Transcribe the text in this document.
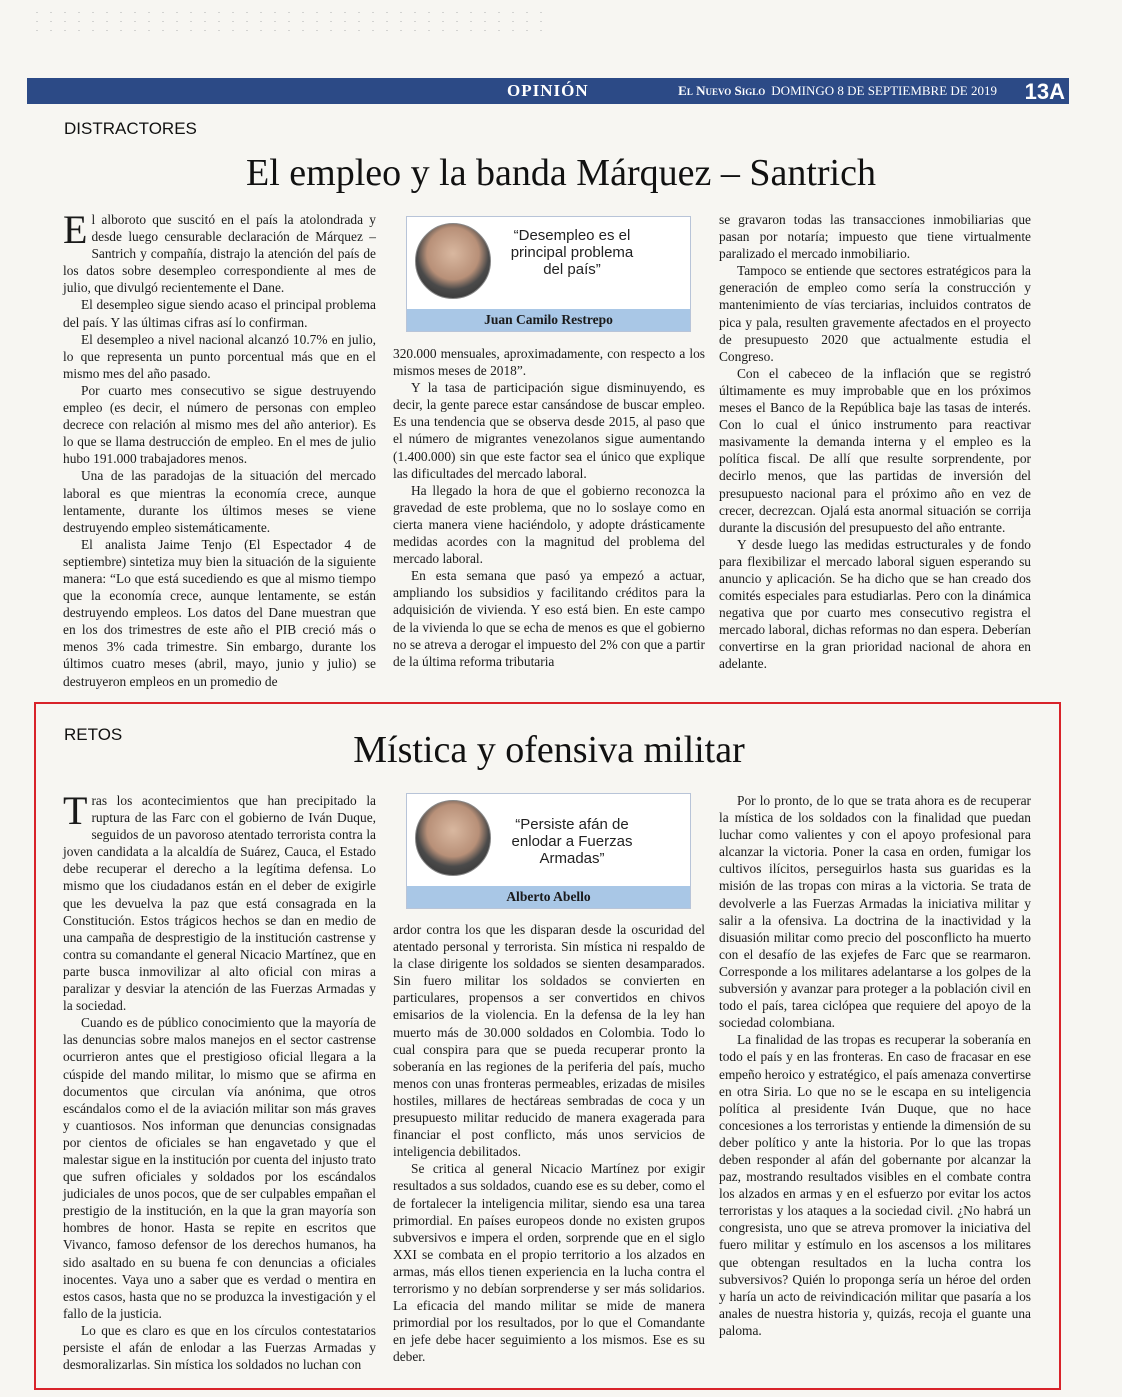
OPINIÓN	El Nuevo Siglo DOMINGO 8 DE SEPTIEMBRE DE 2019 13A
DISTRACTORES
El empleo y la banda Márquez – Santrich

El alboroto que suscitó en el país la atolondrada y desde luego censurable declaración de Márquez – Santrich y compañía, distrajo la atención del país de los datos sobre desempleo correspondiente al mes de julio, que divulgó recientemente el Dane.

El desempleo sigue siendo acaso el principal problema del país. Y las últimas cifras así lo confirman.

El desempleo a nivel nacional alcanzó 10.7% en julio, lo que representa un punto porcentual más que en el mismo mes del año pasado.

Por cuarto mes consecutivo se sigue destruyendo empleo (es decir, el número de personas con empleo decrece con relación al mismo mes del año anterior). Es lo que se llama destrucción de empleo. En el mes de julio hubo 191.000 trabajadores menos.

Una de las paradojas de la situación del mercado laboral es que mientras la economía crece, aunque lentamente, durante los últimos meses se viene destruyendo empleo sistemáticamente.

El analista Jaime Tenjo (El Espectador 4 de septiembre) sintetiza muy bien la situación de la siguiente manera: “Lo que está sucediendo es que al mismo tiempo que la economía crece, aunque lentamente, se están destruyendo empleos. Los datos del Dane muestran que en los dos trimestres de este año el PIB creció más o menos 3% cada trimestre. Sin embargo, durante los últimos cuatro meses (abril, mayo, junio y julio) se destruyeron empleos en un promedio de

“Desempleo es el principal problema del país”
Juan Camilo Restrepo

320.000 mensuales, aproximadamente, con respecto a los mismos meses de 2018”.

Y la tasa de participación sigue disminuyendo, es decir, la gente parece estar cansándose de buscar empleo. Es una tendencia que se observa desde 2015, al paso que el número de migrantes venezolanos sigue aumentando (1.400.000) sin que este factor sea el único que explique las dificultades del mercado laboral.

Ha llegado la hora de que el gobierno reconozca la gravedad de este problema, que no lo soslaye como en cierta manera viene haciéndolo, y adopte drásticamente medidas acordes con la magnitud del problema del mercado laboral.

En esta semana que pasó ya empezó a actuar, ampliando los subsidios y facilitando créditos para la adquisición de vivienda. Y eso está bien. En este campo de la vivienda lo que se echa de menos es que el gobierno no se atreva a derogar el impuesto del 2% con que a partir de la última reforma tributaria

se gravaron todas las transacciones inmobiliarias que pasan por notaría; impuesto que tiene virtualmente paralizado el mercado inmobiliario.

Tampoco se entiende que sectores estratégicos para la generación de empleo como sería la construcción y mantenimiento de vías terciarias, incluidos contratos de pica y pala, resulten gravemente afectados en el proyecto de presupuesto 2020 que actualmente estudia el Congreso.

Con el cabeceo de la inflación que se registró últimamente es muy improbable que en los próximos meses el Banco de la República baje las tasas de interés. Con lo cual el único instrumento para reactivar masivamente la demanda interna y el empleo es la política fiscal. De allí que resulte sorprendente, por decirlo menos, que las partidas de inversión del presupuesto nacional para el próximo año en vez de crecer, decrezcan. Ojalá esta anormal situación se corrija durante la discusión del presupuesto del año entrante.

Y desde luego las medidas estructurales y de fondo para flexibilizar el mercado laboral siguen esperando su anuncio y aplicación. Se ha dicho que se han creado dos comités especiales para estudiarlas. Pero con la dinámica negativa que por cuarto mes consecutivo registra el mercado laboral, dichas reformas no dan espera. Deberían convertirse en la gran prioridad nacional de ahora en adelante.

RETOS	Mística y ofensiva militar

Tras los acontecimientos que han precipitado la ruptura de las Farc con el gobierno de Iván Duque, seguidos de un pavoroso atentado terrorista contra la joven candidata a la alcaldía de Suárez, Cauca, el Estado debe recuperar el derecho a la legítima defensa. Lo mismo que los ciudadanos están en el deber de exigirle que les devuelva la paz que está consagrada en la Constitución. Estos trágicos hechos se dan en medio de una campaña de desprestigio de la institución castrense y contra su comandante el general Nicacio Martínez, que en parte busca inmovilizar al alto oficial con miras a paralizar y desviar la atención de las Fuerzas Armadas y la sociedad.

Cuando es de público conocimiento que la mayoría de las denuncias sobre malos manejos en el sector castrense ocurrieron antes que el prestigioso oficial llegara a la cúspide del mando militar, lo mismo que se afirma en documentos que circulan vía anónima, que otros escándalos como el de la aviación militar son más graves y cuantiosos. Nos informan que denuncias consignadas por cientos de oficiales se han engavetado y que el malestar sigue en la institución por cuenta del injusto trato que sufren oficiales y soldados por los escándalos judiciales de unos pocos, que de ser culpables empañan el prestigio de la institución, en la que la gran mayoría son hombres de honor. Hasta se repite en escritos que Vivanco, famoso defensor de los derechos humanos, ha sido asaltado en su buena fe con denuncias a oficiales inocentes. Vaya uno a saber que es verdad o mentira en estos casos, hasta que no se produzca la investigación y el fallo de la justicia.

Lo que es claro es que en los círculos contestatarios persiste el afán de enlodar a las Fuerzas Armadas y desmoralizarlas. Sin mística los soldados no luchan con

“Persiste afán de enlodar a Fuerzas Armadas”
Alberto Abello

ardor contra los que les disparan desde la oscuridad del atentado personal y terrorista. Sin mística ni respaldo de la clase dirigente los soldados se sienten desamparados. Sin fuero militar los soldados se convierten en particulares, propensos a ser convertidos en chivos emisarios de la violencia. En la defensa de la ley han muerto más de 30.000 soldados en Colombia. Todo lo cual conspira para que se pueda recuperar pronto la soberanía en las regiones de la periferia del país, mucho menos con unas fronteras permeables, erizadas de misiles hostiles, millares de hectáreas sembradas de coca y un presupuesto militar reducido de manera exagerada para financiar el post conflicto, más unos servicios de inteligencia debilitados.

Se critica al general Nicacio Martínez por exigir resultados a sus soldados, cuando ese es su deber, como el de fortalecer la inteligencia militar, siendo esa una tarea primordial. En países europeos donde no existen grupos subversivos e impera el orden, sorprende que en el siglo XXI se combata en el propio territorio a los alzados en armas, más ellos tienen experiencia en la lucha contra el terrorismo y no debían sorprenderse y ser más solidarios. La eficacia del mando militar se mide de manera primordial por los resultados, por lo que el Comandante en jefe debe hacer seguimiento a los mismos. Ese es su deber.

Por lo pronto, de lo que se trata ahora es de recuperar la mística de los soldados con la finalidad que puedan luchar como valientes y con el apoyo profesional para alcanzar la victoria. Poner la casa en orden, fumigar los cultivos ilícitos, perseguirlos hasta sus guaridas es la misión de las tropas con miras a la victoria. Se trata de devolverle a las Fuerzas Armadas la iniciativa militar y salir a la ofensiva. La doctrina de la inactividad y la disuasión militar como precio del posconflicto ha muerto con el desafío de las exjefes de Farc que se rearmaron. Corresponde a los militares adelantarse a los golpes de la subversión y avanzar para proteger a la población civil en todo el país, tarea ciclópea que requiere del apoyo de la sociedad colombiana.

La finalidad de las tropas es recuperar la soberanía en todo el país y en las fronteras. En caso de fracasar en ese empeño heroico y estratégico, el país amenaza convertirse en otra Siria. Lo que no se le escapa en su inteligencia política al presidente Iván Duque, que no hace concesiones a los terroristas y entiende la dimensión de su deber político y ante la historia. Por lo que las tropas deben responder al afán del gobernante por alcanzar la paz, mostrando resultados visibles en el combate contra los alzados en armas y en el esfuerzo por evitar los actos terroristas y los ataques a la sociedad civil. ¿No habrá un congresista, uno que se atreva promover la iniciativa del fuero militar y estímulo en los ascensos a los militares que obtengan resultados en la lucha contra los subversivos? Quién lo proponga sería un héroe del orden y haría un acto de reivindicación militar que pasaría a los anales de nuestra historia y, quizás, recoja el guante una paloma.
